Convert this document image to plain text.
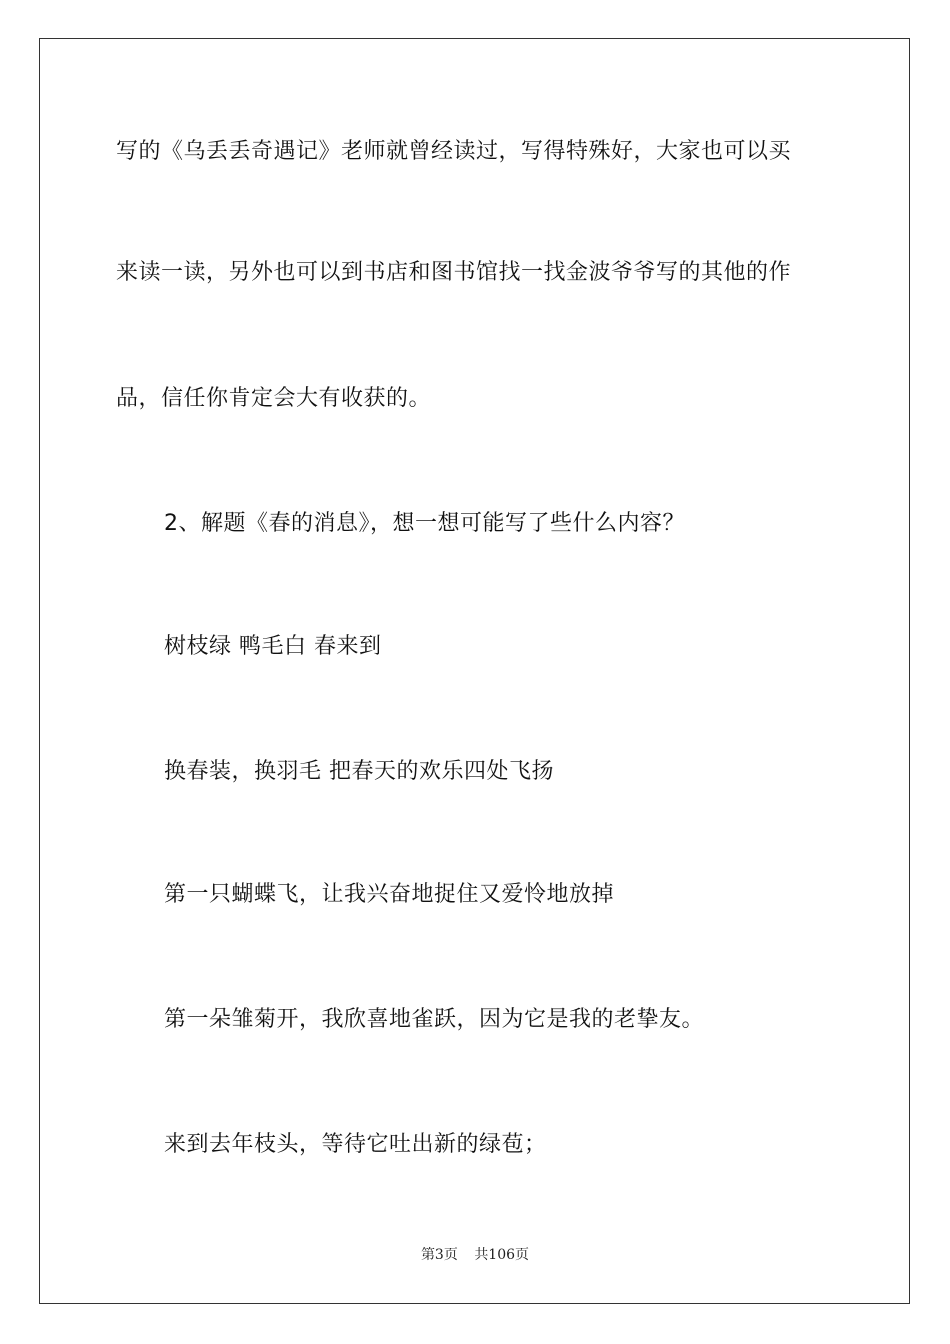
写的《乌丢丢奇遇记》老师就曾经读过，写得特殊好，大家也可以买
来读一读，另外也可以到书店和图书馆找一找金波爷爷写的其他的作
品，信任你肯定会大有收获的。
2、解题《春的消息》，想一想可能写了些什么内容？
树枝绿 鸭毛白 春来到
换春装，换羽毛 把春天的欢乐四处飞扬
第一只蝴蝶飞，让我兴奋地捉住又爱怜地放掉
第一朵雏菊开，我欣喜地雀跃，因为它是我的老挚友。
来到去年枝头，等待它吐出新的绿苞；
第3页 共106页
